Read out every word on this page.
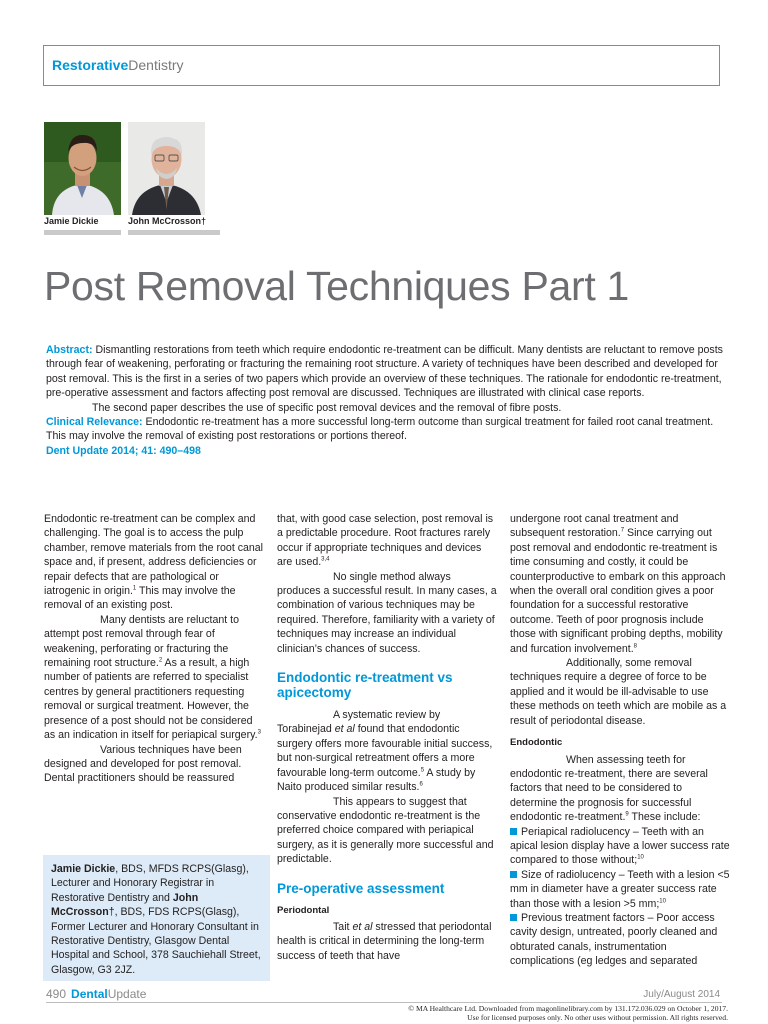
RestorativeDentistry
Jamie Dickie	John McCrosson†
Post Removal Techniques Part 1

Abstract: Dismantling restorations from teeth which require endodontic re-treatment can be difficult. Many dentists are reluctant to remove posts through fear of weakening, perforating or fracturing the remaining root structure. A variety of techniques have been described and developed for post removal. This is the first in a series of two papers which provide an overview of these techniques. The rationale for endodontic re-treatment, pre-operative assessment and factors affecting post removal are discussed. Techniques are illustrated with clinical case reports.

The second paper describes the use of specific post removal devices and the removal of fibre posts.

Clinical Relevance: Endodontic re-treatment has a more successful long-term outcome than surgical treatment for failed root canal treatment. This may involve the removal of existing post restorations or portions thereof.

Dent Update 2014; 41: 490–498

Endodontic re-treatment can be complex and challenging. The goal is to access the pulp chamber, remove materials from the root canal space and, if present, address deficiencies or repair defects that are pathological or iatrogenic in origin.$^1$ This may involve the removal of an existing post.

Many dentists are reluctant to attempt post removal through fear of weakening, perforating or fracturing the remaining root structure.$^2$ As a result, a high number of patients are referred to specialist centres by general practitioners requesting removal or surgical treatment. However, the presence of a post should not be considered as an indication in itself for periapical surgery.$^3$

Various techniques have been designed and developed for post removal. Dental practitioners should be reassured

Jamie Dickie, BDS, MFDS RCPS(Glasg), Lecturer and Honorary Registrar in Restorative Dentistry and John McCrosson†, BDS, FDS RCPS(Glasg), Former Lecturer and Honorary Consultant in Restorative Dentistry, Glasgow Dental Hospital and School, 378 Sauchiehall Street, Glasgow, G3 2JZ.

that, with good case selection, post removal is a predictable procedure. Root fractures rarely occur if appropriate techniques and devices are used.$^{3,4}$

No single method always produces a successful result. In many cases, a combination of various techniques may be required. Therefore, familiarity with a variety of techniques may increase an individual clinician’s chances of success.

Endodontic re-treatment vs apicectomy

A systematic review by Torabinejad et al found that endodontic surgery offers more favourable initial success, but non-surgical retreatment offers a more favourable long-term outcome.$^5$ A study by Naito produced similar results.$^6$

This appears to suggest that conservative endodontic re-treatment is the preferred choice compared with periapical surgery, as it is generally more successful and predictable.

Pre-operative assessment
Periodontal

Tait et al stressed that periodontal health is critical in determining the long-term success of teeth that have

undergone root canal treatment and subsequent restoration.$^7$ Since carrying out post removal and endodontic re-treatment is time consuming and costly, it could be counterproductive to embark on this approach when the overall oral condition gives a poor foundation for a successful restorative outcome. Teeth of poor prognosis include those with significant probing depths, mobility and furcation involvement.$^8$

Additionally, some removal techniques require a degree of force to be applied and it would be ill-advisable to use these methods on teeth which are mobile as a result of periodontal disease.

Endodontic

When assessing teeth for endodontic re-treatment, there are several factors that need to be considered to determine the prognosis for successful endodontic re-treatment.$^9$ These include:

Periapical radiolucency – Teeth with an apical lesion display have a lower success rate compared to those without;$^{10}$

Size of radiolucency – Teeth with a lesion <5 mm in diameter have a greater success rate than those with a lesion >5 mm;$^{10}$

Previous treatment factors – Poor access cavity design, untreated, poorly cleaned and obturated canals, instrumentation complications (eg ledges and separated

490 DentalUpdate	July/August 2014
© MA Healthcare Ltd. Downloaded from magonlinelibrary.com by 131.172.036.029 on October 1, 2017.
Use for licensed purposes only. No other uses without permission. All rights reserved.
